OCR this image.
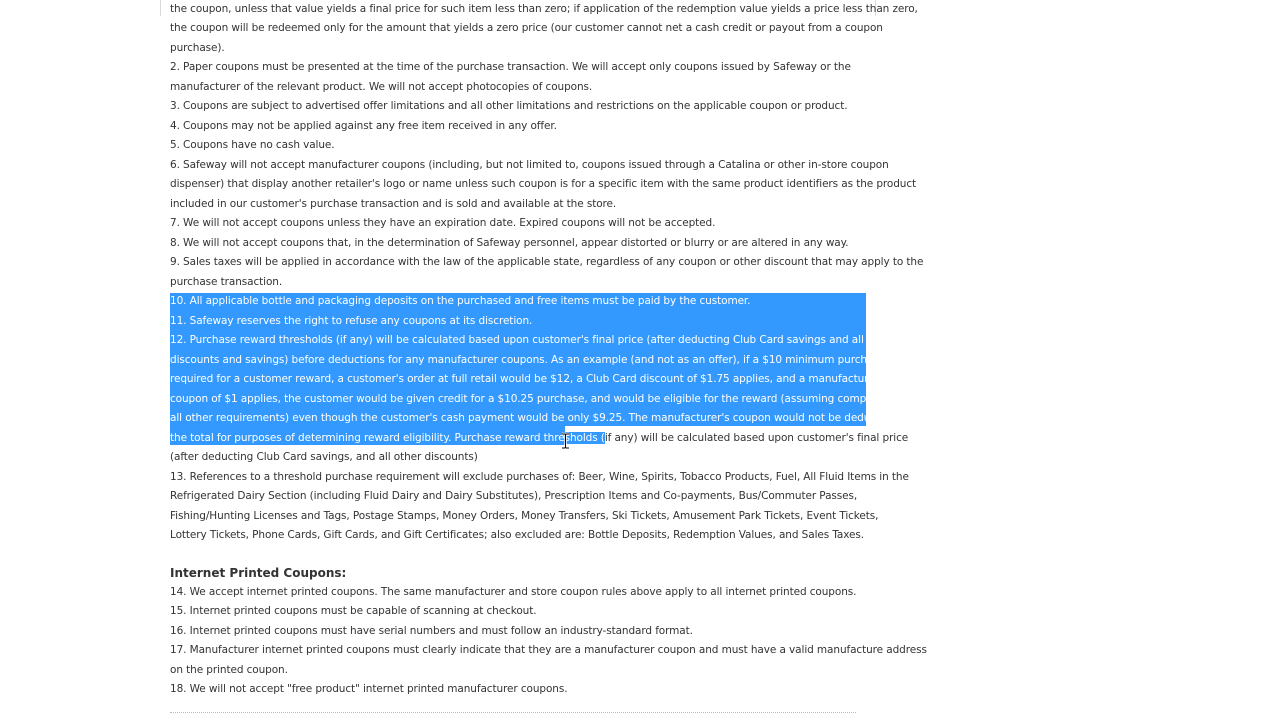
the coupon, unless that value yields a final price for such item less than zero; if application of the redemption value yields a price less than zero,
the coupon will be redeemed only for the amount that yields a zero price (our customer cannot net a cash credit or payout from a coupon
purchase).
2. Paper coupons must be presented at the time of the purchase transaction. We will accept only coupons issued by Safeway or the
manufacturer of the relevant product. We will not accept photocopies of coupons.
3. Coupons are subject to advertised offer limitations and all other limitations and restrictions on the applicable coupon or product.
4. Coupons may not be applied against any free item received in any offer.
5. Coupons have no cash value.
6. Safeway will not accept manufacturer coupons (including, but not limited to, coupons issued through a Catalina or other in-store coupon
dispenser) that display another retailer's logo or name unless such coupon is for a specific item with the same product identifiers as the product
included in our customer's purchase transaction and is sold and available at the store.
7. We will not accept coupons unless they have an expiration date. Expired coupons will not be accepted.
8. We will not accept coupons that, in the determination of Safeway personnel, appear distorted or blurry or are altered in any way.
9. Sales taxes will be applied in accordance with the law of the applicable state, regardless of any coupon or other discount that may apply to the
purchase transaction.
10. All applicable bottle and packaging deposits on the purchased and free items must be paid by the customer.
11. Safeway reserves the right to refuse any coupons at its discretion.
12. Purchase reward thresholds (if any) will be calculated based upon customer's final price (after deducting Club Card savings and all other
discounts and savings) before deductions for any manufacturer coupons. As an example (and not as an offer), if a $10 minimum purchase is
required for a customer reward, a customer's order at full retail would be $12, a Club Card discount of $1.75 applies, and a manufacturer's
coupon of $1 applies, the customer would be given credit for a $10.25 purchase, and would be eligible for the reward (assuming compliance with
all other requirements) even though the customer's cash payment would be only $9.25. The manufacturer's coupon would not be deducted from
the total for purposes of determining reward eligibility. Purchase reward thresholds (if any) will be calculated based upon customer's final price
(after deducting Club Card savings, and all other discounts)
13. References to a threshold purchase requirement will exclude purchases of: Beer, Wine, Spirits, Tobacco Products, Fuel, All Fluid Items in the
Refrigerated Dairy Section (including Fluid Dairy and Dairy Substitutes), Prescription Items and Co-payments, Bus/Commuter Passes,
Fishing/Hunting Licenses and Tags, Postage Stamps, Money Orders, Money Transfers, Ski Tickets, Amusement Park Tickets, Event Tickets,
Lottery Tickets, Phone Cards, Gift Cards, and Gift Certificates; also excluded are: Bottle Deposits, Redemption Values, and Sales Taxes.
Internet Printed Coupons:
14. We accept internet printed coupons. The same manufacturer and store coupon rules above apply to all internet printed coupons.
15. Internet printed coupons must be capable of scanning at checkout.
16. Internet printed coupons must have serial numbers and must follow an industry-standard format.
17. Manufacturer internet printed coupons must clearly indicate that they are a manufacturer coupon and must have a valid manufacture address
on the printed coupon.
18. We will not accept "free product" internet printed manufacturer coupons.
